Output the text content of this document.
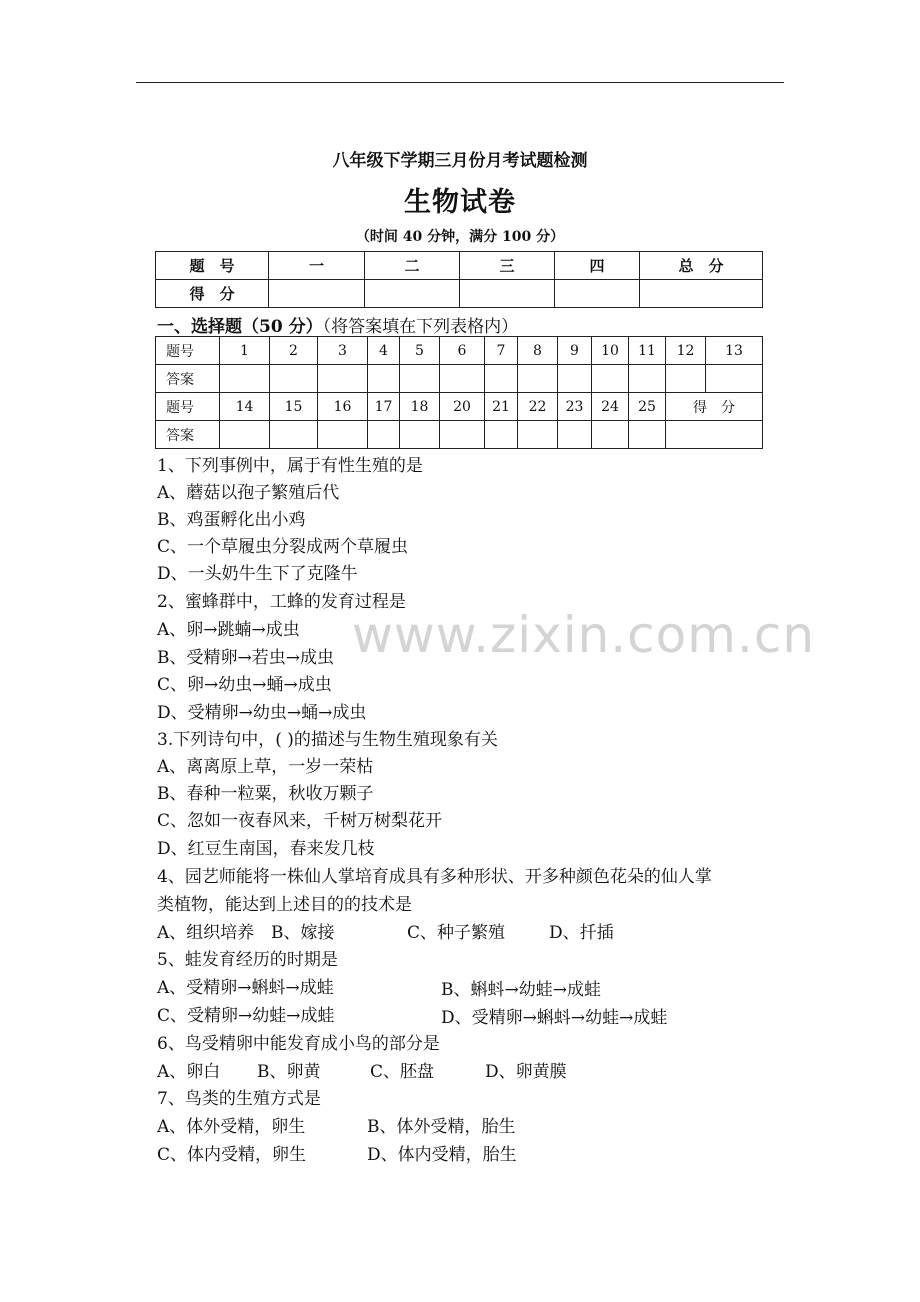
八年级下学期三月份月考试题检测
生物试卷
（时间 40 分钟，满分 100 分）
题　号	一	二	三	四	总　分
得　分					
一、选择题（50 分）（将答案填在下列表格内）
题号	1	2	3	4	5	6	7	8	9	10	11	12	13
答案													
题号	14	15	16	17	18	20	21	22	23	24	25	得　分	
答案													
1、下列事例中，属于有性生殖的是
A、蘑菇以孢子繁殖后代
B、鸡蛋孵化出小鸡
C、一个草履虫分裂成两个草履虫
D、一头奶牛生下了克隆牛
2、蜜蜂群中，工蜂的发育过程是
A、卵→跳蝻→成虫
B、受精卵→若虫→成虫
C、卵→幼虫→蛹→成虫
D、受精卵→幼虫→蛹→成虫
www.zixin.com.cn
3.下列诗句中，( )的描述与生物生殖现象有关
A、离离原上草，一岁一荣枯
B、春种一粒粟，秋收万颗子
C、忽如一夜春风来，千树万树梨花开
D、红豆生南国，春来发几枝
4、园艺师能将一株仙人掌培育成具有多种形状、开多种颜色花朵的仙人掌
类植物，能达到上述目的的技术是
A、组织培养 B、嫁接	C、种子繁殖	D、扦插
5、蛙发育经历的时期是
A、受精卵→蝌蚪→成蛙	B、蝌蚪→幼蛙→成蛙
C、受精卵→幼蛙→成蛙	D、受精卵→蝌蚪→幼蛙→成蛙
6、鸟受精卵中能发育成小鸟的部分是
A、卵白 B、卵黄	C、胚盘	D、卵黄膜
7、鸟类的生殖方式是
A、体外受精，卵生	B、体外受精，胎生
C、体内受精，卵生	D、体内受精，胎生
